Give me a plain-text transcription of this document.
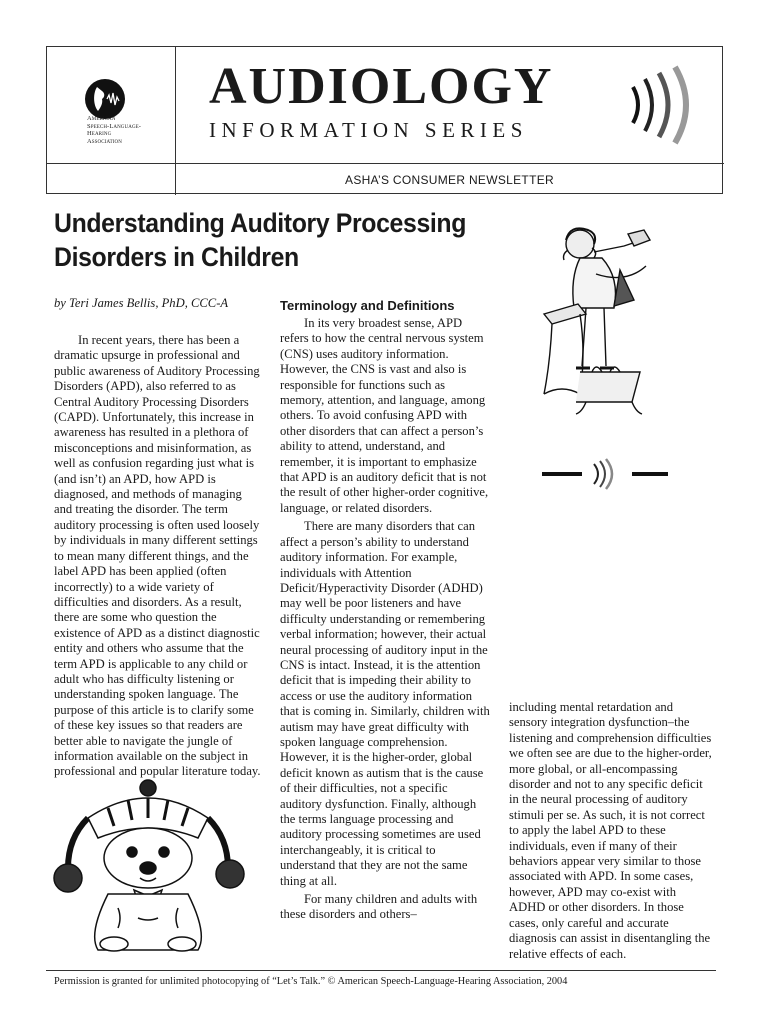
American
Speech-Language-
Hearing
Association
AUDIOLOGY
INFORMATION SERIES
ASHA’S CONSUMER NEWSLETTER
Understanding Auditory Processing
Disorders in Children
by Teri James Bellis, PhD, CCC-A

In recent years, there has been a dramatic upsurge in professional and public awareness of Auditory Processing Disorders (APD), also referred to as Central Auditory Processing Disorders (CAPD). Unfortunately, this increase in awareness has resulted in a plethora of misconceptions and misinformation, as well as confusion regarding just what is (and isn’t) an APD, how APD is diagnosed, and methods of managing and treating the disorder. The term auditory processing is often used loosely by individuals in many different settings to mean many different things, and the label APD has been applied (often incorrectly) to a wide variety of difficulties and disorders. As a result, there are some who question the existence of APD as a distinct diagnostic entity and others who assume that the term APD is applicable to any child or adult who has difficulty listening or understanding spoken language. The purpose of this article is to clarify some of these key issues so that readers are better able to navigate the jungle of information available on the subject in professional and popular literature today.

Terminology and Definitions

In its very broadest sense, APD refers to how the central nervous system (CNS) uses auditory information. However, the CNS is vast and also is responsible for functions such as memory, attention, and language, among others. To avoid confusing APD with other disorders that can affect a person’s ability to attend, understand, and remember, it is important to emphasize that APD is an auditory deficit that is not the result of other higher-order cognitive, language, or related disorders.

There are many disorders that can affect a person’s ability to understand auditory information. For example, individuals with Attention Deficit/Hyperactivity Disorder (ADHD) may well be poor listeners and have difficulty understanding or remembering verbal information; however, their actual neural processing of auditory input in the CNS is intact. Instead, it is the attention deficit that is impeding their ability to access or use the auditory information that is coming in. Similarly, children with autism may have great difficulty with spoken language comprehension. However, it is the higher-order, global deficit known as autism that is the cause of their difficulties, not a specific auditory dysfunction. Finally, although the terms language processing and auditory processing sometimes are used interchangeably, it is critical to understand that they are not the same thing at all.

For many children and adults with these disorders and others–

including mental retardation and sensory integration dysfunction–the listening and comprehension difficulties we often see are due to the higher-order, more global, or all-encompassing disorder and not to any specific deficit in the neural processing of auditory stimuli per se. As such, it is not correct to apply the label APD to these individuals, even if many of their behaviors appear very similar to those associated with APD. In some cases, however, APD may co-exist with ADHD or other disorders. In those cases, only careful and accurate diagnosis can assist in disentangling the relative effects of each.

Permission is granted for unlimited photocopying of “Let’s Talk.” © American Speech-Language-Hearing Association, 2004
